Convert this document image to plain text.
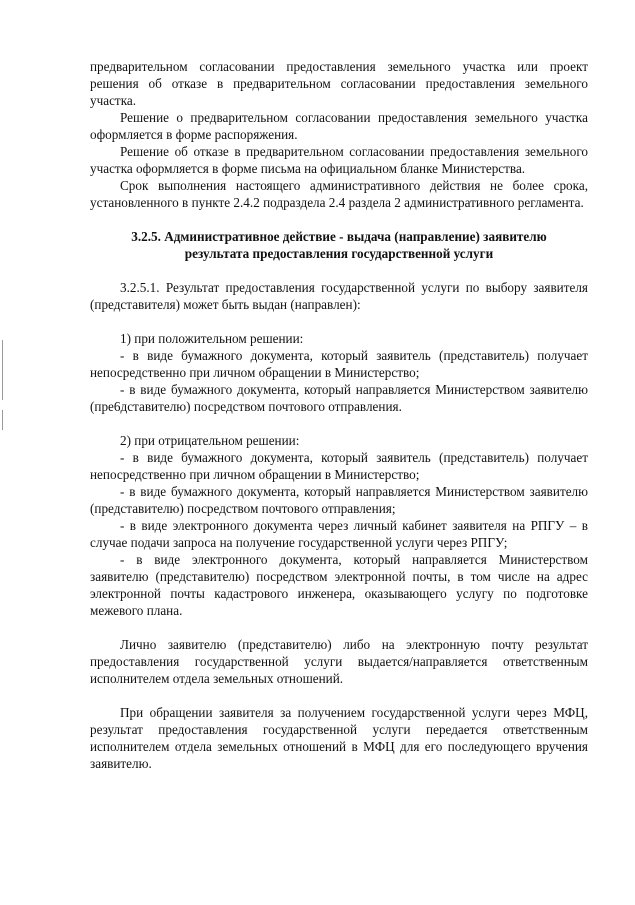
предварительном согласовании предоставления земельного участка или проект решения об отказе в предварительном согласовании предоставления земельного участка.

Решение о предварительном согласовании предоставления земельного участка оформляется в форме распоряжения.

Решение об отказе в предварительном согласовании предоставления земельного участка оформляется в форме письма на официальном бланке Министерства.

Срок выполнения настоящего административного действия не более срока, установленного в пункте 2.4.2 подраздела 2.4 раздела 2 административного регламента.

3.2.5. Административное действие - выдача (направление) заявителю
результата предоставления государственной услуги

3.2.5.1. Результат предоставления государственной услуги по выбору заявителя (представителя) может быть выдан (направлен):

1) при положительном решении:

- в виде бумажного документа, который заявитель (представитель) получает непосредственно при личном обращении в Министерство;

- в виде бумажного документа, который направляется Министерством заявителю (пре6дставителю) посредством почтового отправления.

2) при отрицательном решении:

- в виде бумажного документа, который заявитель (представитель) получает непосредственно при личном обращении в Министерство;

- в виде бумажного документа, который направляется Министерством заявителю (представителю) посредством почтового отправления;

- в виде электронного документа через личный кабинет заявителя на РПГУ – в случае подачи запроса на получение государственной услуги через РПГУ;

- в виде электронного документа, который направляется Министерством заявителю (представителю) посредством электронной почты, в том числе на адрес электронной почты кадастрового инженера, оказывающего услугу по подготовке межевого плана.

Лично заявителю (представителю) либо на электронную почту результат предоставления государственной услуги выдается/направляется ответственным исполнителем отдела земельных отношений.

При обращении заявителя за получением государственной услуги через МФЦ, результат предоставления государственной услуги передается ответственным исполнителем отдела земельных отношений в МФЦ для его последующего вручения заявителю.
